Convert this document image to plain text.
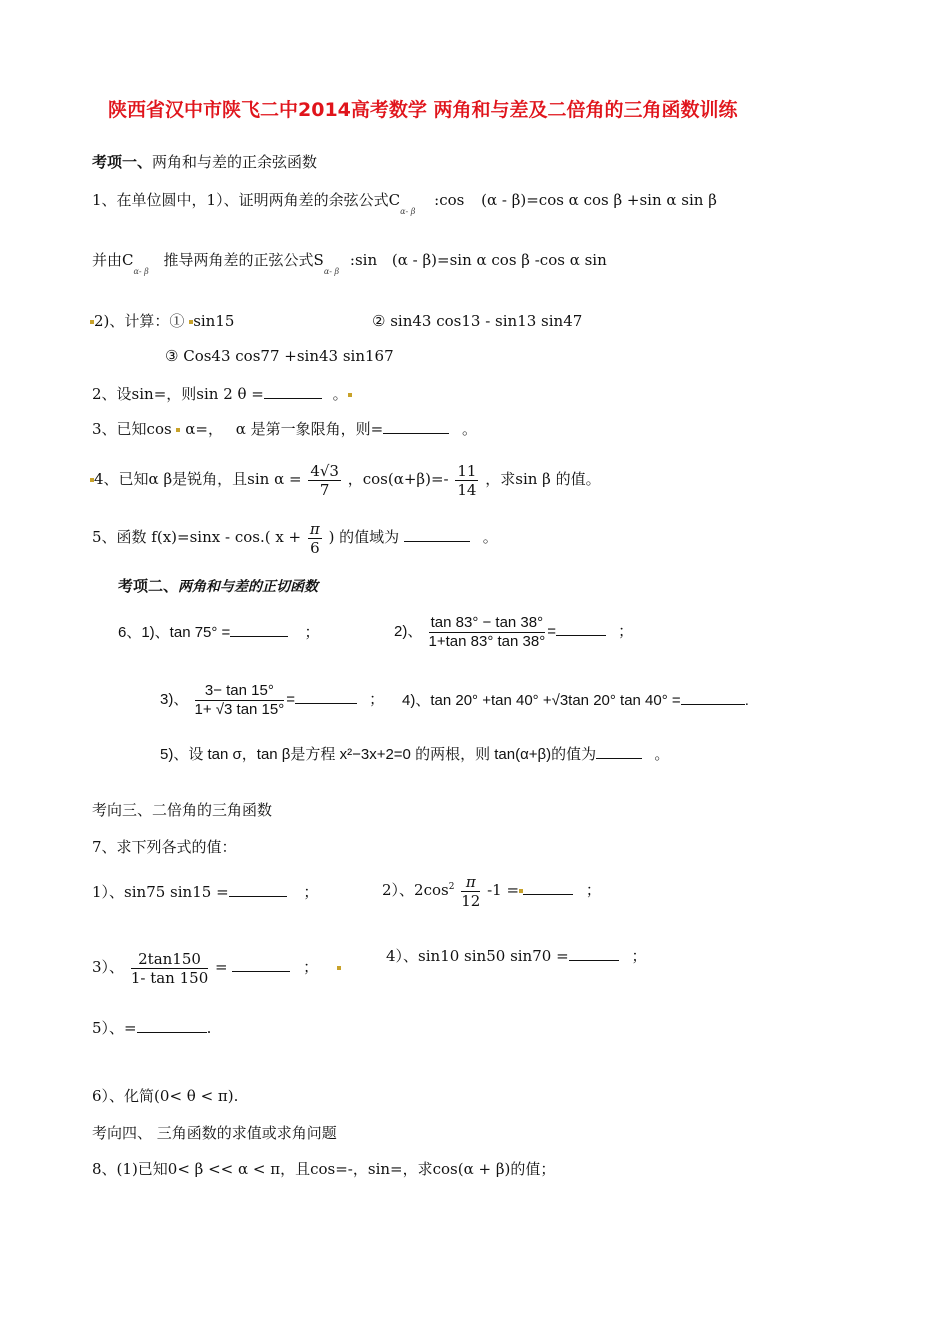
陕西省汉中市陕飞二中2014高考数学 两角和与差及二倍角的三角函数训练
考项一、两角和与差的正余弦函数
1、在单位圆中，1）、证明两角差的余弦公式$C_{\alpha- \beta}$ :cos (α - β)=cos α cos β +sin α sin β
并由$C_{\alpha- \beta}$ 推导两角差的正弦公式$S_{\alpha- \beta}$ :sin (α - β)=sin α cos β -cos α sin
2)、计算：① sin15	② sin43 cos13 - sin13 sin47
③ Cos43 cos77 +sin43 sin167
2、设sin=，则sin 2 θ =	。
3、已知cos α=， α 是第一象限角，则=	。
4、已知α β是锐角，且$\sin \alpha = \frac{4√3}{7}$ ，$\cos(\alpha+\beta)=- \frac{11}{14}$ ，求sin β 的值。
5、函数 f(x)=sinx - cos.( $x + \frac{\pi}{6}$ ) 的值域为	。
考项二、两角和与差的正切函数
6、1)、tan 75° =	；	2)、 $\frac{\tan 83^\circ - \tan 38^\circ}{1+\tan 83^\circ \tan 38^\circ}$ =	；
3)、 $\frac{3- \tan 15^\circ}{1+ √3 \tan 15^\circ}$ =	； 4)、tan 20° +tan 40° +√3tan 20° tan 40° =	.
5)、设 tan σ，tan β是方程 x²−3x+2=0 的两根，则 tan(α+β)的值为	。
考向三、二倍角的三角函数
7、求下列各式的值：
1）、sin75 sin15 =	；	2）、$2\cos^2 \frac{\pi}{12} -1$ =	；
3）、 $\frac{2\tan 150}{1- \tan 150}$ =	；
4）、sin10 sin50 sin70 =	；
5）、=	.
6）、化简(0< θ < π).
考向四、 三角函数的求值或求角问题
8、(1)已知0< β << α < π，且cos=-，sin=，求cos(α + β)的值；
